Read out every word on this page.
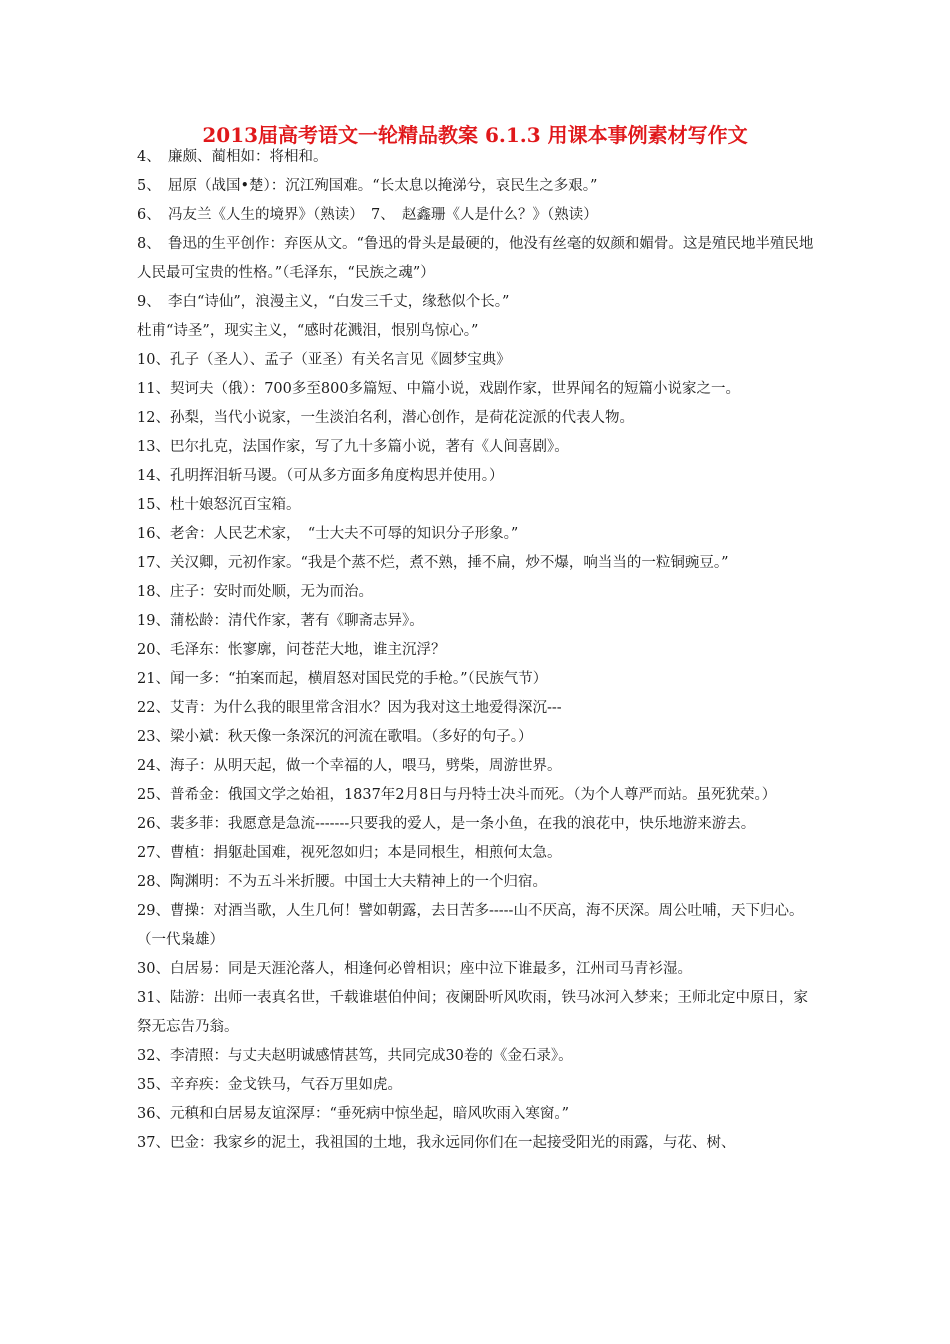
2013届高考语文一轮精品教案 6.1.3 用课本事例素材写作文

4、　廉颇、蔺相如：将相和。

5、　屈原（战国•楚）：沉江殉国难。“长太息以掩涕兮，哀民生之多艰。”

6、　冯友兰《人生的境界》（熟读）　7、　赵鑫珊《人是什么？》（熟读）

8、　鲁迅的生平创作：弃医从文。“鲁迅的骨头是最硬的，他没有丝毫的奴颜和媚骨。这是殖民地半殖民地人民最可宝贵的性格。”（毛泽东，“民族之魂”）

9、　李白“诗仙”，浪漫主义，“白发三千丈，缘愁似个长。”

杜甫“诗圣”，现实主义，“感时花溅泪，恨别鸟惊心。”

10、孔子（圣人）、孟子（亚圣）有关名言见《圆梦宝典》

11、契诃夫（俄）：700多至800多篇短、中篇小说，戏剧作家，世界闻名的短篇小说家之一。

12、孙梨，当代小说家，一生淡泊名利，潜心创作，是荷花淀派的代表人物。

13、巴尔扎克，法国作家，写了九十多篇小说，著有《人间喜剧》。

14、孔明挥泪斩马谡。（可从多方面多角度构思并使用。）

15、杜十娘怒沉百宝箱。

16、老舍：人民艺术家，　“士大夫不可辱的知识分子形象。”

17、关汉卿，元初作家。“我是个蒸不烂，煮不熟，捶不扁，炒不爆，响当当的一粒铜豌豆。”

18、庄子：安时而处顺，无为而治。

19、蒲松龄：清代作家，著有《聊斋志异》。

20、毛泽东：怅寥廓，问苍茫大地，谁主沉浮？

21、闻一多：“拍案而起，横眉怒对国民党的手枪。”（民族气节）

22、艾青：为什么我的眼里常含泪水？因为我对这土地爱得深沉---

23、梁小斌：秋天像一条深沉的河流在歌唱。（多好的句子。）

24、海子：从明天起，做一个幸福的人，喂马，劈柴，周游世界。

25、普希金：俄国文学之始祖，1837年2月8日与丹特士决斗而死。（为个人尊严而站。虽死犹荣。）

26、裴多菲：我愿意是急流-------只要我的爱人，是一条小鱼，在我的浪花中，快乐地游来游去。

27、曹植：捐躯赴国难，视死忽如归；本是同根生，相煎何太急。

28、陶渊明：不为五斗米折腰。中国士大夫精神上的一个归宿。

29、曹操：对酒当歌，人生几何！譬如朝露，去日苦多-----山不厌高，海不厌深。周公吐哺，天下归心。（一代枭雄）

30、白居易：同是天涯沦落人，相逢何必曾相识；座中泣下谁最多，江州司马青衫湿。

31、陆游：出师一表真名世，千载谁堪伯仲间；夜阑卧听风吹雨，铁马冰河入梦来；王师北定中原日，家祭无忘告乃翁。

32、李清照：与丈夫赵明诚感情甚笃，共同完成30卷的《金石录》。

35、辛弃疾：金戈铁马，气吞万里如虎。

36、元稹和白居易友谊深厚：“垂死病中惊坐起，暗风吹雨入寒窗。”

37、巴金：我家乡的泥土，我祖国的土地，我永远同你们在一起接受阳光的雨露，与花、树、
